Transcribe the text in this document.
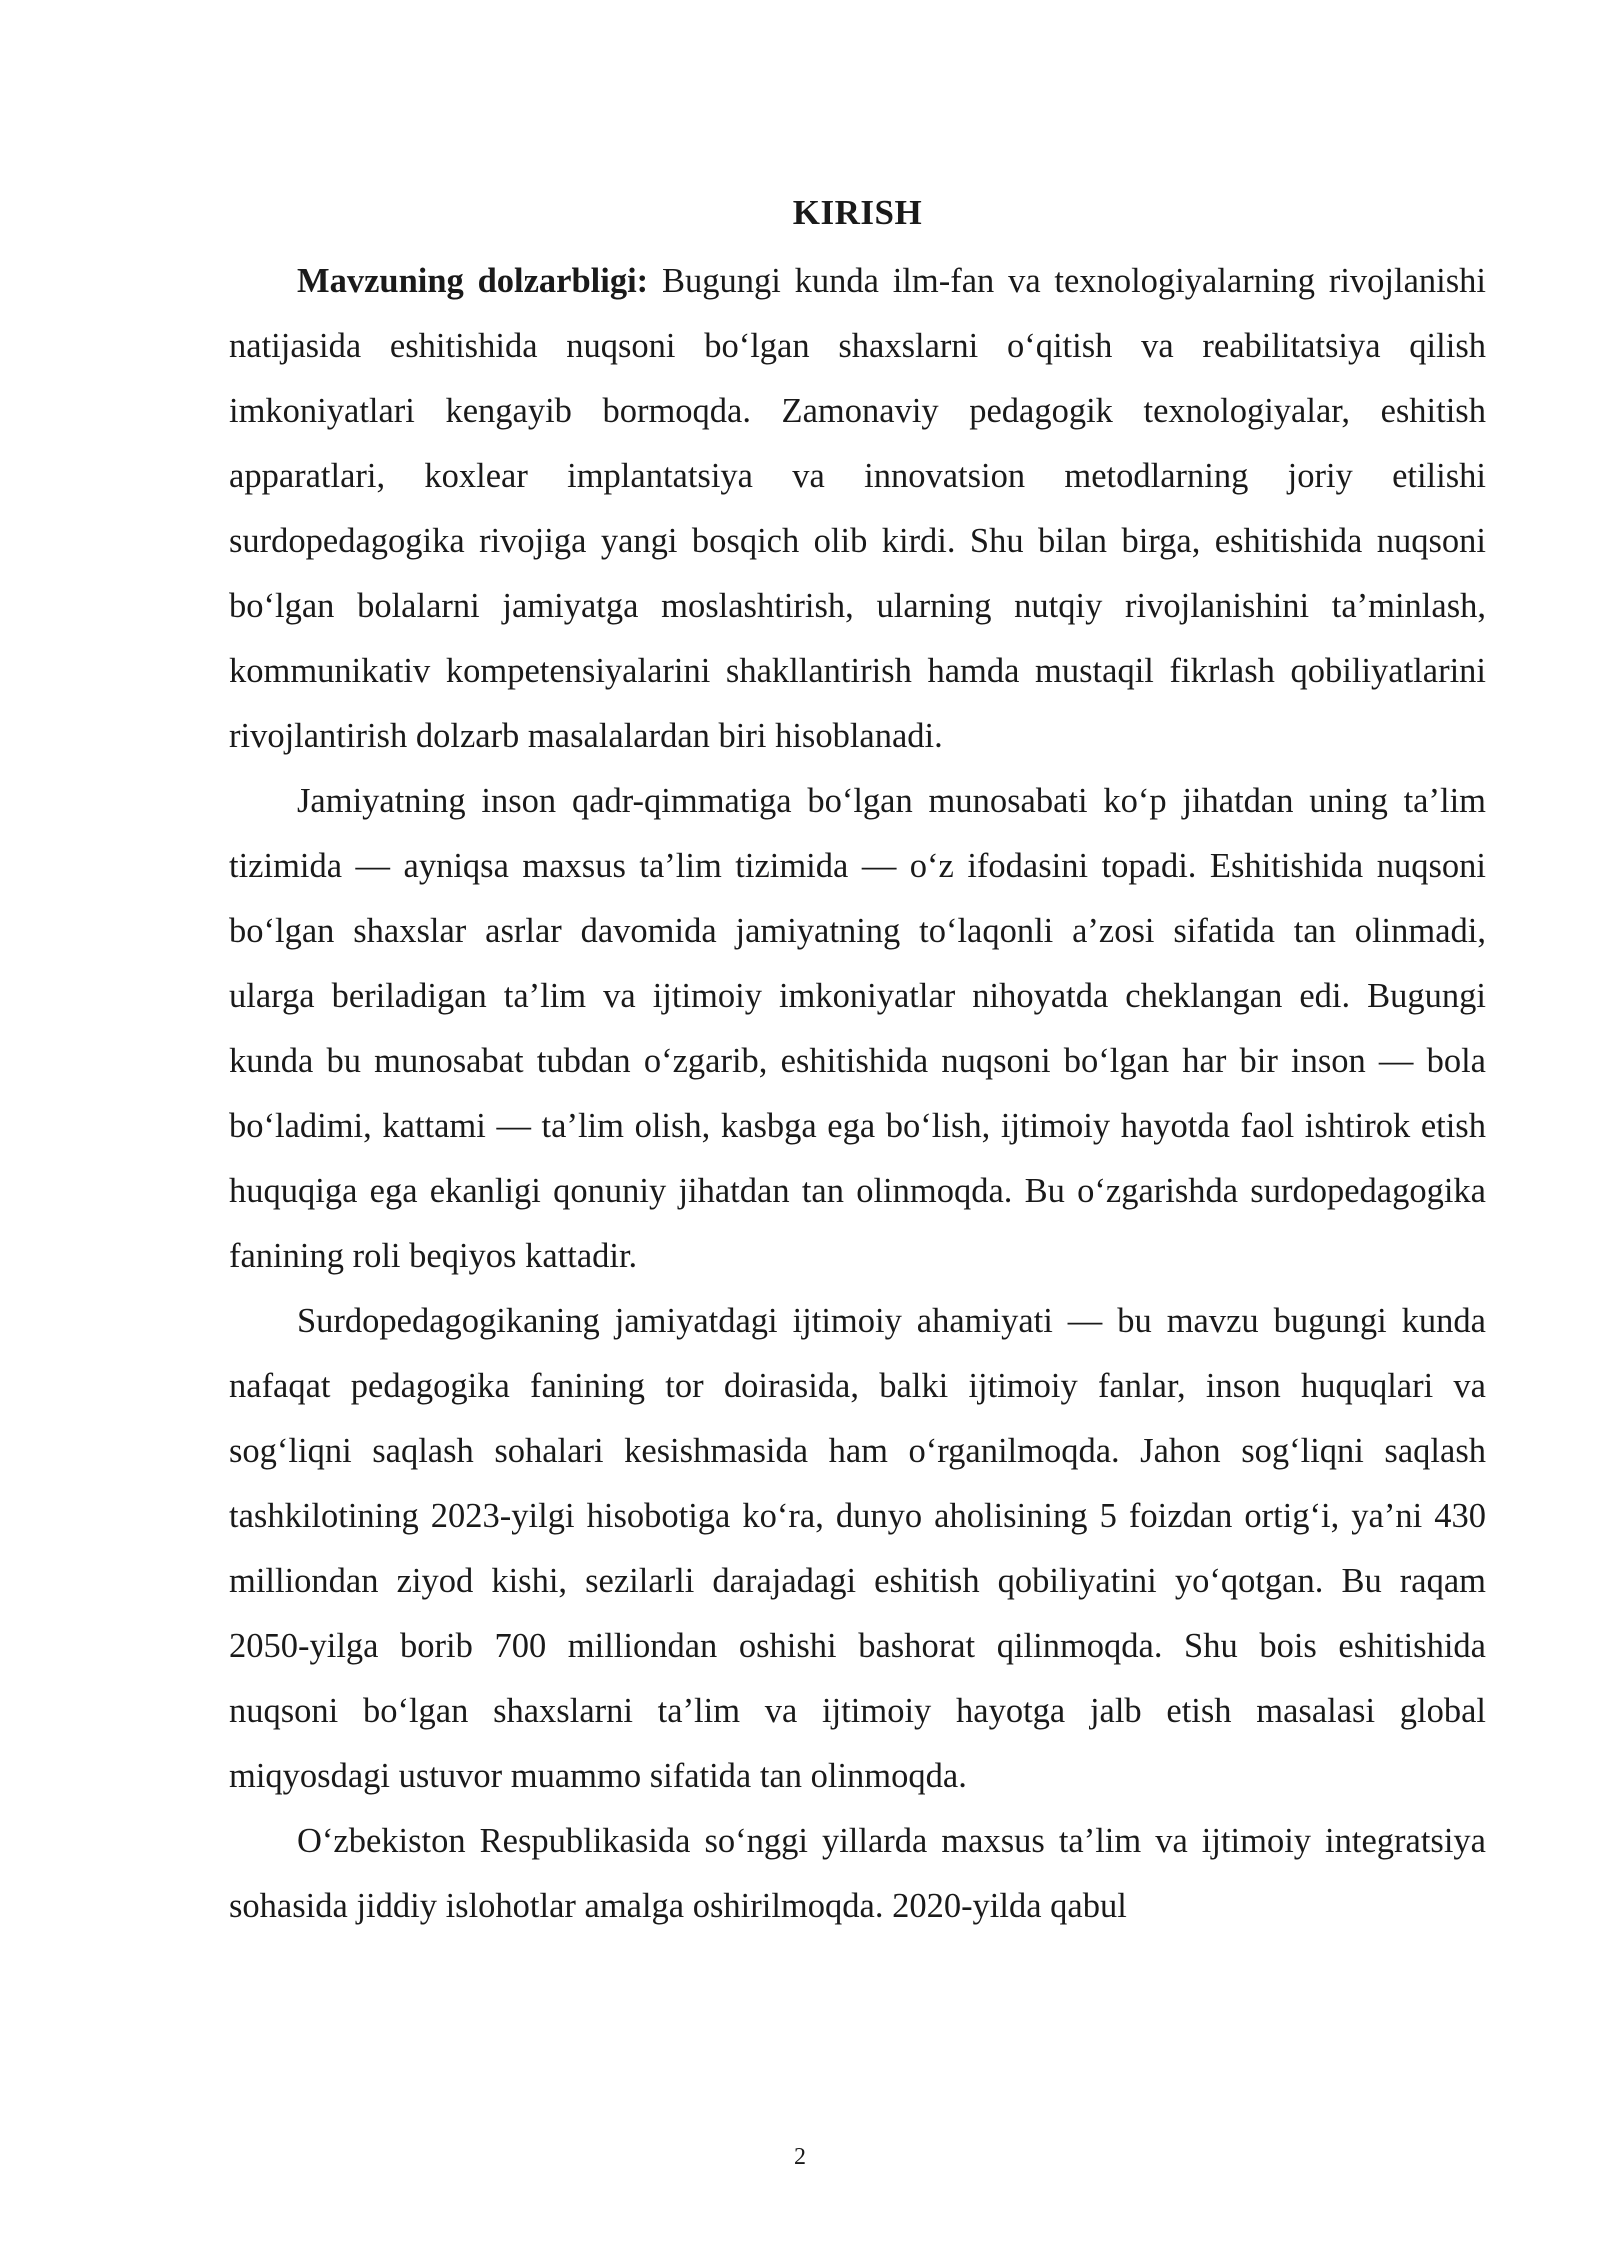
KIRISH

Mavzuning dolzarbligi: Bugungi kunda ilm-fan va texnologiyalarning rivojlanishi natijasida eshitishida nuqsoni bo‘lgan shaxslarni o‘qitish va reabilitatsiya qilish imkoniyatlari kengayib bormoqda. Zamonaviy pedagogik texnologiyalar, eshitish apparatlari, koxlear implantatsiya va innovatsion metodlarning joriy etilishi surdopedagogika rivojiga yangi bosqich olib kirdi. Shu bilan birga, eshitishida nuqsoni bo‘lgan bolalarni jamiyatga moslashtirish, ularning nutqiy rivojlanishini ta’minlash, kommunikativ kompetensiyalarini shakllantirish hamda mustaqil fikrlash qobiliyatlarini rivojlantirish dolzarb masalalardan biri hisoblanadi.

Jamiyatning inson qadr-qimmatiga bo‘lgan munosabati ko‘p jihatdan uning ta’lim tizimida — ayniqsa maxsus ta’lim tizimida — o‘z ifodasini topadi. Eshitishida nuqsoni bo‘lgan shaxslar asrlar davomida jamiyatning to‘laqonli a’zosi sifatida tan olinmadi, ularga beriladigan ta’lim va ijtimoiy imkoniyatlar nihoyatda cheklangan edi. Bugungi kunda bu munosabat tubdan o‘zgarib, eshitishida nuqsoni bo‘lgan har bir inson — bola bo‘ladimi, kattami — ta’lim olish, kasbga ega bo‘lish, ijtimoiy hayotda faol ishtirok etish huquqiga ega ekanligi qonuniy jihatdan tan olinmoqda. Bu o‘zgarishda surdopedagogika fanining roli beqiyos kattadir.

Surdopedagogikaning jamiyatdagi ijtimoiy ahamiyati — bu mavzu bugungi kunda nafaqat pedagogika fanining tor doirasida, balki ijtimoiy fanlar, inson huquqlari va sog‘liqni saqlash sohalari kesishmasida ham o‘rganilmoqda. Jahon sog‘liqni saqlash tashkilotining 2023-yilgi hisobotiga ko‘ra, dunyo aholisining 5 foizdan ortig‘i, ya’ni 430 milliondan ziyod kishi, sezilarli darajadagi eshitish qobiliyatini yo‘qotgan. Bu raqam 2050-yilga borib 700 milliondan oshishi bashorat qilinmoqda. Shu bois eshitishida nuqsoni bo‘lgan shaxslarni ta’lim va ijtimoiy hayotga jalb etish masalasi global miqyosdagi ustuvor muammo sifatida tan olinmoqda.

O‘zbekiston Respublikasida so‘nggi yillarda maxsus ta’lim va ijtimoiy integratsiya sohasida jiddiy islohotlar amalga oshirilmoqda. 2020-yilda qabul

2
